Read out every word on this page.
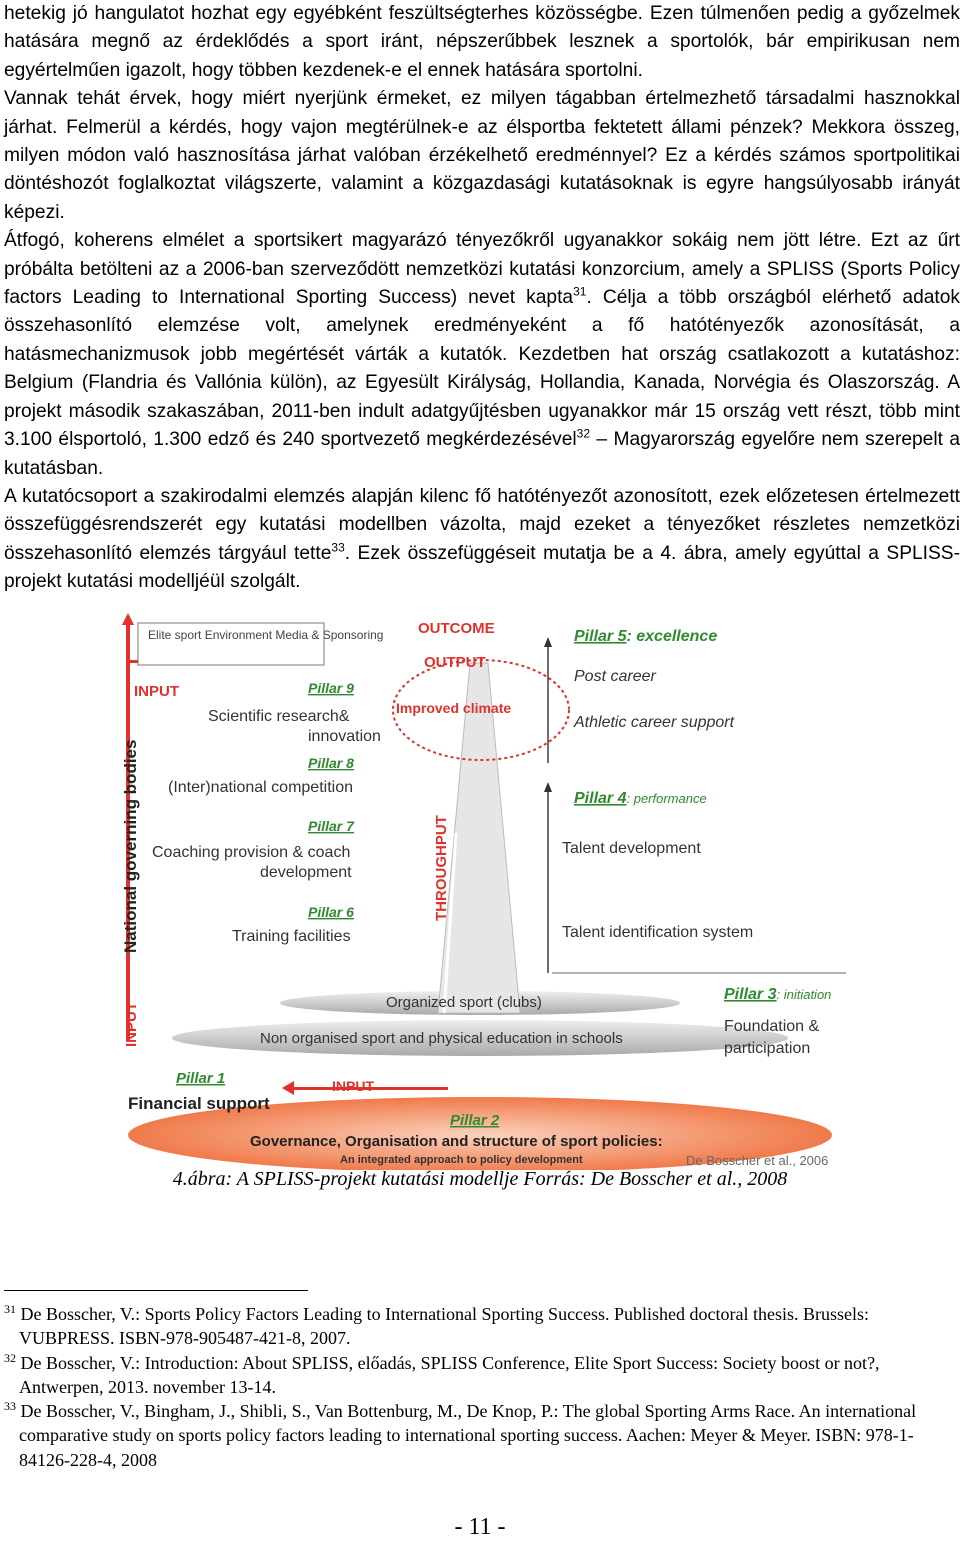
hetekig jó hangulatot hozhat egy egyébként feszültségterhes közösségbe. Ezen túlmenően pedig a győzelmek hatására megnő az érdeklődés a sport iránt, népszerűbbek lesznek a sportolók, bár empirikusan nem egyértelműen igazolt, hogy többen kezdenek-e el ennek hatására sportolni.

Vannak tehát érvek, hogy miért nyerjünk érmeket, ez milyen tágabban értelmezhető társadalmi hasznokkal járhat. Felmerül a kérdés, hogy vajon megtérülnek-e az élsportba fektetett állami pénzek? Mekkora összeg, milyen módon való hasznosítása járhat valóban érzékelhető eredménnyel? Ez a kérdés számos sportpolitikai döntéshozót foglalkoztat világszerte, valamint a közgazdasági kutatásoknak is egyre hangsúlyosabb irányát képezi.

Átfogó, koherens elmélet a sportsikert magyarázó tényezőkről ugyanakkor sokáig nem jött létre. Ezt az űrt próbálta betölteni az a 2006-ban szerveződött nemzetközi kutatási konzorcium, amely a SPLISS (Sports Policy factors Leading to International Sporting Success) nevet kapta$^{31}$. Célja a több országból elérhető adatok összehasonlító elemzése volt, amelynek eredményeként a fő hatótényezők azonosítását, a hatásmechanizmusok jobb megértését várták a kutatók. Kezdetben hat ország csatlakozott a kutatáshoz: Belgium (Flandria és Vallónia külön), az Egyesült Királyság, Hollandia, Kanada, Norvégia és Olaszország. A projekt második szakaszában, 2011-ben indult adatgyűjtésben ugyanakkor már 15 ország vett részt, több mint 3.100 élsportoló, 1.300 edző és 240 sportvezető megkérdezésével$^{32}$ – Magyarország egyelőre nem szerepelt a kutatásban.

A kutatócsoport a szakirodalmi elemzés alapján kilenc fő hatótényezőt azonosított, ezek előzetesen értelmezett összefüggésrendszerét egy kutatási modellben vázolta, majd ezeket a tényezőket részletes nemzetközi összehasonlító elemzés tárgyául tette$^{33}$. Ezek összefüggéseit mutatja be a 4. ábra, amely egyúttal a SPLISS-projekt kutatási modelljéül szolgált.

Elite sport Environment Media & Sponsoring OUTCOME
OUTPUT
Improved climate
THROUGHPUT
INPUT
INPUT
INPUT
National governing bodies
Pillar 9
Scientific research&
innovation
Pillar 8
(Inter)national competition
Pillar 7
Coaching provision & coach
development
Pillar 6
Training facilities
Pillar 5: excellence
Post career
Athletic career support
Pillar 4: performance
Talent development
Talent identification system
Pillar 3: initiation
Foundation &
participation
Organized sport (clubs)
Non organised sport and physical education in schools
Pillar 1
Financial support
Pillar 2
Governance, Organisation and structure of sport policies:
An integrated approach to policy development	De Bosscher et al., 2006
4.ábra: A SPLISS-projekt kutatási modellje Forrás: De Bosscher et al., 2008

$^{31}$ De Bosscher, V.: Sports Policy Factors Leading to International Sporting Success. Published doctoral thesis. Brussels: VUBPRESS. ISBN-978-905487-421-8, 2007.

$^{32}$ De Bosscher, V.: Introduction: About SPLISS, előadás, SPLISS Conference, Elite Sport Success: Society boost or not?, Antwerpen, 2013. november 13-14.

$^{33}$ De Bosscher, V., Bingham, J., Shibli, S., Van Bottenburg, M., De Knop, P.: The global Sporting Arms Race. An international comparative study on sports policy factors leading to international sporting success. Aachen: Meyer & Meyer. ISBN: 978-1-84126-228-4, 2008

- 11 -
